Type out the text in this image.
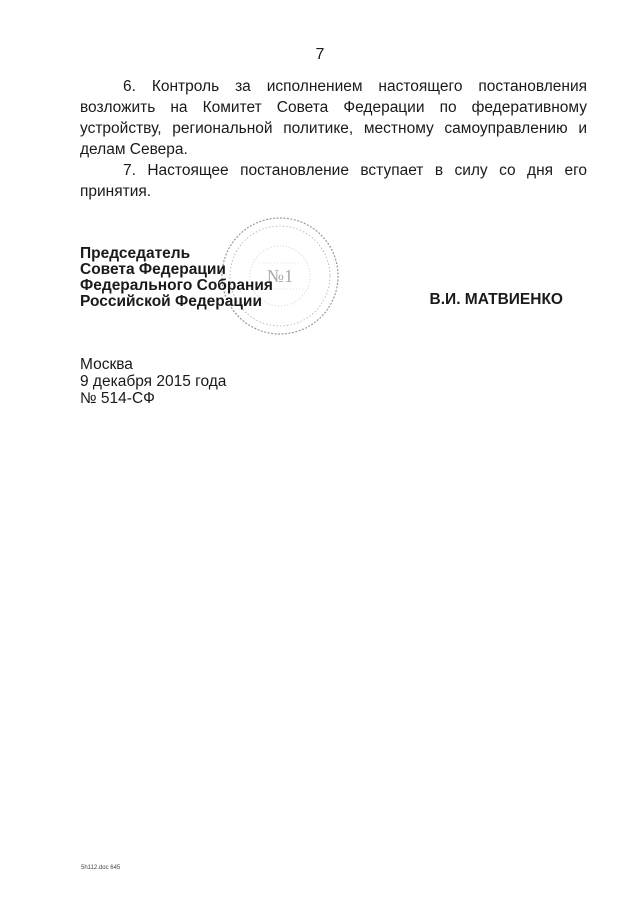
7

6. Контроль за исполнением настоящего постановления возложить на Комитет Совета Федерации по федеративному устройству, региональной политике, местному самоуправлению и делам Севера.

7. Настоящее постановление вступает в силу со дня его принятия.

№1
Председатель
Совета Федерации
Федерального Собрания
Российской Федерации	В.И. МАТВИЕНКО
Москва
9 декабря 2015 года
№ 514-СФ
5h112.doc 645
